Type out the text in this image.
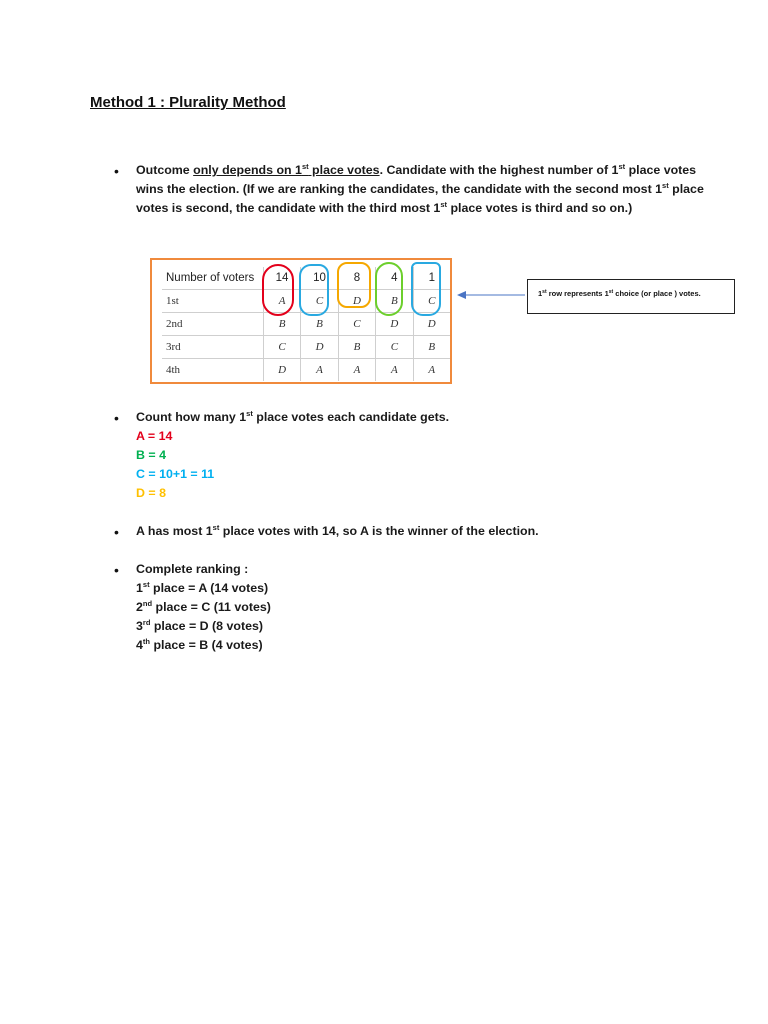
Method 1 : Plurality Method
• Outcome only depends on 1st place votes. Candidate with the highest number of 1st place votes
wins the election. (If we are ranking the candidates, the candidate with the second most 1st place
votes is second, the candidate with the third most 1st place votes is third and so on.)
Number of voters	14	10	8	4	1
1st	A	C	D	B	C
2nd	B	B	C	D	D
3rd	C	D	B	C	B
4th	D	A	A	A	A
1st row represents 1st choice (or place ) votes.
• Count how many 1st place votes each candidate gets.
A = 14
B = 4
C = 10+1 = 11
D = 8
• A has most 1st place votes with 14, so A is the winner of the election.
• Complete ranking :
1st place = A (14 votes)
2nd place = C (11 votes)
3rd place = D (8 votes)
4th place = B (4 votes)
